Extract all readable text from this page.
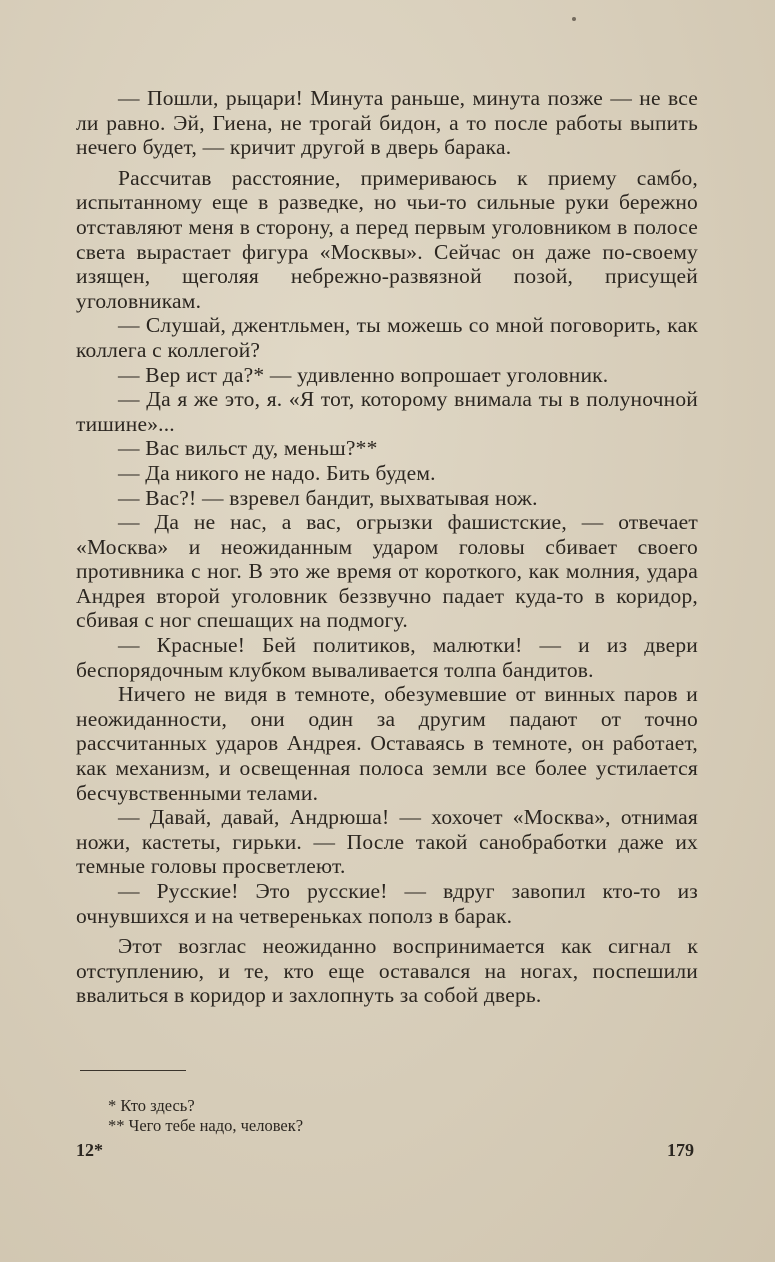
— Пошли, рыцари! Минута раньше, минута позже — не все ли равно. Эй, Гиена, не трогай бидон, а то после работы выпить нечего будет, — кричит другой в дверь барака.

Рассчитав расстояние, примериваюсь к приему самбо, испытанному еще в разведке, но чьи-то сильные руки бережно отставляют меня в сторону, а перед первым уголовником в полосе света вырастает фигура «Москвы». Сейчас он даже по-своему изящен, щеголяя небрежно-развязной позой, присущей уголовникам.

— Слушай, джентльмен, ты можешь со мной поговорить, как коллега с коллегой?

— Вер ист да?* — удивленно вопрошает уголовник.

— Да я же это, я. «Я тот, которому внимала ты в полуночной тишине»...

— Вас вильст ду, меньш?**

— Да никого не надо. Бить будем.

— Вас?! — взревел бандит, выхватывая нож.

— Да не нас, а вас, огрызки фашистские, — отвечает «Москва» и неожиданным ударом головы сбивает своего противника с ног. В это же время от короткого, как молния, удара Андрея второй уголовник беззвучно падает куда-то в коридор, сбивая с ног спешащих на подмогу.

— Красные! Бей политиков, малютки! — и из двери беспорядочным клубком вываливается толпа бандитов.

Ничего не видя в темноте, обезумевшие от винных паров и неожиданности, они один за другим падают от точно рассчитанных ударов Андрея. Оставаясь в темноте, он работает, как механизм, и освещенная полоса земли все более устилается бесчувственными телами.

— Давай, давай, Андрюша! — хохочет «Москва», отнимая ножи, кастеты, гирьки. — После такой санобработки даже их темные головы просветлеют.

— Русские! Это русские! — вдруг завопил кто-то из очнувшихся и на четвереньках пополз в барак.

Этот возглас неожиданно воспринимается как сигнал к отступлению, и те, кто еще оставался на ногах, поспешили ввалиться в коридор и захлопнуть за собой дверь.

* Кто здесь?

** Чего тебе надо, человек?

12*	179
